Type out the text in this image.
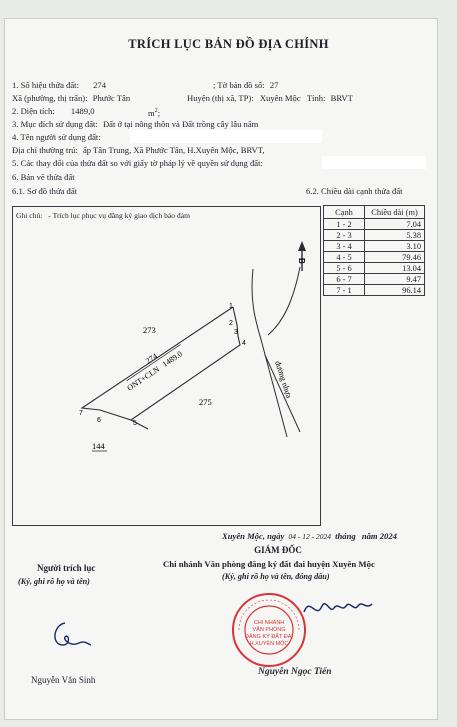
TRÍCH LỤC BẢN ĐỒ ĐỊA CHÍNH
1. Số hiệu thửa đất: 274	; Tờ bản đồ số: 27
Xã (phường, thị trấn): Phước Tân	Huyện (thị xã, TP): Xuyên Mộc Tỉnh: BRVT
2. Diện tích: 1489,0	$m^2$;
3. Mục đích sử dụng đất: Đất ở tại nông thôn và Đất trồng cây lâu năm
4. Tên người sử dụng đất:
Địa chỉ thường trú: ấp Tân Trung, Xã Phước Tân, H.Xuyên Mộc, BRVT,
5. Các thay đổi của thửa đất so với giấy tờ pháp lý về quyền sử dụng đất:
6. Bản vẽ thửa đất
6.1. Sơ đồ thửa đất	6.2. Chiều dài cạnh thửa đất
Ghi chú: - Trích lục phục vụ đăng ký giao dịch bảo đảm
B
1
2
3
4
5
6
7
273
275
144
274
ONT+CLN
1489.0
đường nhựa
Cạnh	Chiều dài (m)
1 - 2	7.04
2 - 3	5.38
3 - 4	3.10
4 - 5	79.46
5 - 6	13.04
6 - 7	9.47
7 - 1	96.14
Xuyên Mộc, ngày 04 - 12 - 2024 tháng năm 2024
GIÁM ĐỐC
Chi nhánh Văn phòng đăng ký đất đai huyện Xuyên Mộc
(Ký, ghi rõ họ và tên, đóng dấu)
Người trích lục
(Ký, ghi rõ họ và tên)
Nguyễn Văn Sinh
CHI NHÁNH
VĂN PHÒNG
ĐĂNG KÝ ĐẤT ĐAI
H.XUYÊN MỘC
Nguyễn Ngọc Tiến
